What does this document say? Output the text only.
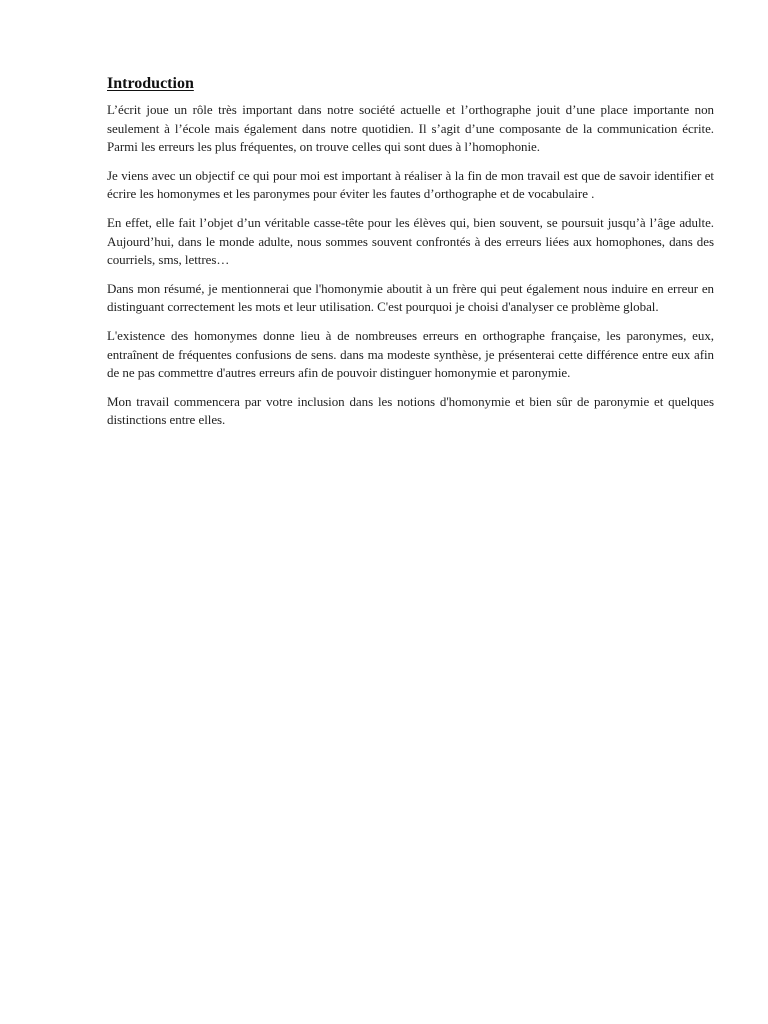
Introduction

L’écrit joue un rôle très important dans notre société actuelle et l’orthographe jouit d’une place importante non seulement à l’école mais également dans notre quotidien. Il s’agit d’une composante de la communication écrite. Parmi les erreurs les plus fréquentes, on trouve celles qui sont dues à l’homophonie.

Je viens avec un objectif ce qui pour moi est important à réaliser à la fin de mon travail est que de savoir identifier et écrire les homonymes et les paronymes pour éviter les fautes d’orthographe et de vocabulaire .

En effet, elle fait l’objet d’un véritable casse-tête pour les élèves qui, bien souvent, se poursuit jusqu’à l’âge adulte. Aujourd’hui, dans le monde adulte, nous sommes souvent confrontés à des erreurs liées aux homophones, dans des courriels, sms, lettres…

Dans mon résumé, je mentionnerai que l'homonymie aboutit à un frère qui peut également nous induire en erreur en distinguant correctement les mots et leur utilisation. C'est pourquoi je choisi d'analyser ce problème global.

L'existence des homonymes donne lieu à de nombreuses erreurs en orthographe française, les paronymes, eux, entraînent de fréquentes confusions de sens. dans ma modeste synthèse, je présenterai cette différence entre eux afin de ne pas commettre d'autres erreurs afin de pouvoir distinguer homonymie et paronymie.

Mon travail commencera par votre inclusion dans les notions d'homonymie et bien sûr de paronymie et quelques distinctions entre elles.
